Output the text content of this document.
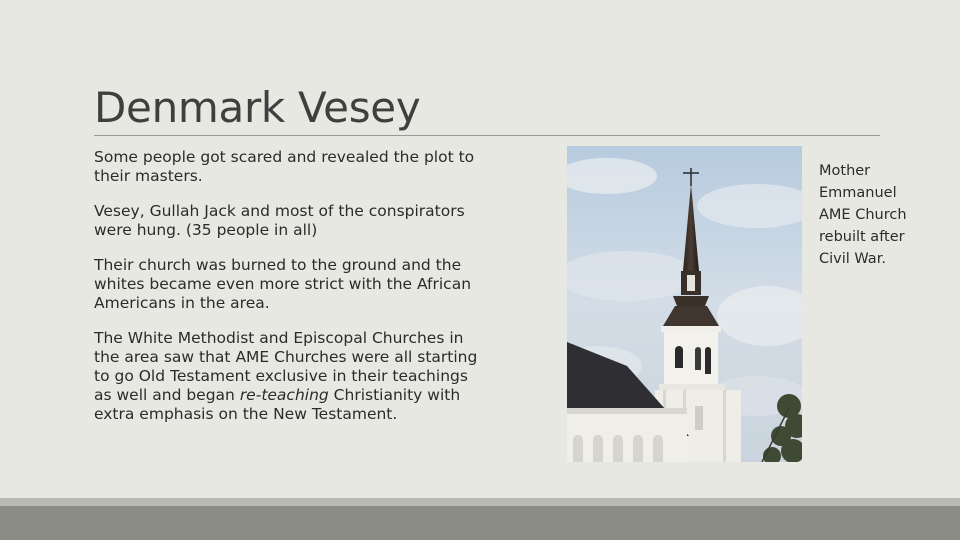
Denmark Vesey

Some people got scared and revealed the plot to their masters.

Vesey, Gullah Jack and most of the conspirators were hung. (35 people in all)

Their church was burned to the ground and the whites became even more strict with the African Americans in the area.

The White Methodist and Episcopal Churches in the area saw that AME Churches were all starting to go Old Testament exclusive in their teachings as well and began re-teaching Christianity with extra emphasis on the New Testament.

Mother Emmanuel AME Church rebuilt after Civil War.
